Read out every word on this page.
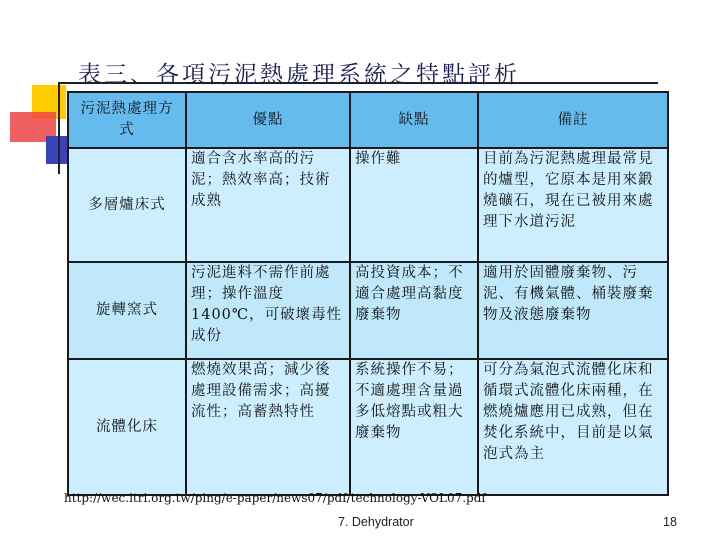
表三、各項污泥熱處理系統之特點評析
污泥熱處理方式	優點	缺點	備註
多層爐床式	適合含水率高的污泥；熱效率高；技術成熟	操作難	目前為污泥熱處理最常見的爐型，它原本是用來鍛燒礦石，現在已被用來處理下水道污泥
旋轉窯式	污泥進料不需作前處理；操作溫度1400℃，可破壞毒性成份	高投資成本；不適合處理高黏度廢棄物	適用於固體廢棄物、污泥、有機氣體、桶裝廢棄物及液態廢棄物
流體化床	燃燒效果高；減少後處理設備需求；高擾流性；高蓄熱特性	系統操作不易；不適處理含量過多低熔點或粗大廢棄物	可分為氣泡式流體化床和循環式流體化床兩種，在燃燒爐應用已成熟，但在焚化系統中，目前是以氣泡式為主
http://wec.itri.org.tw/ping/e-paper/news07/pdf/technology-VOL07.pdf
7. Dehydrator	18
